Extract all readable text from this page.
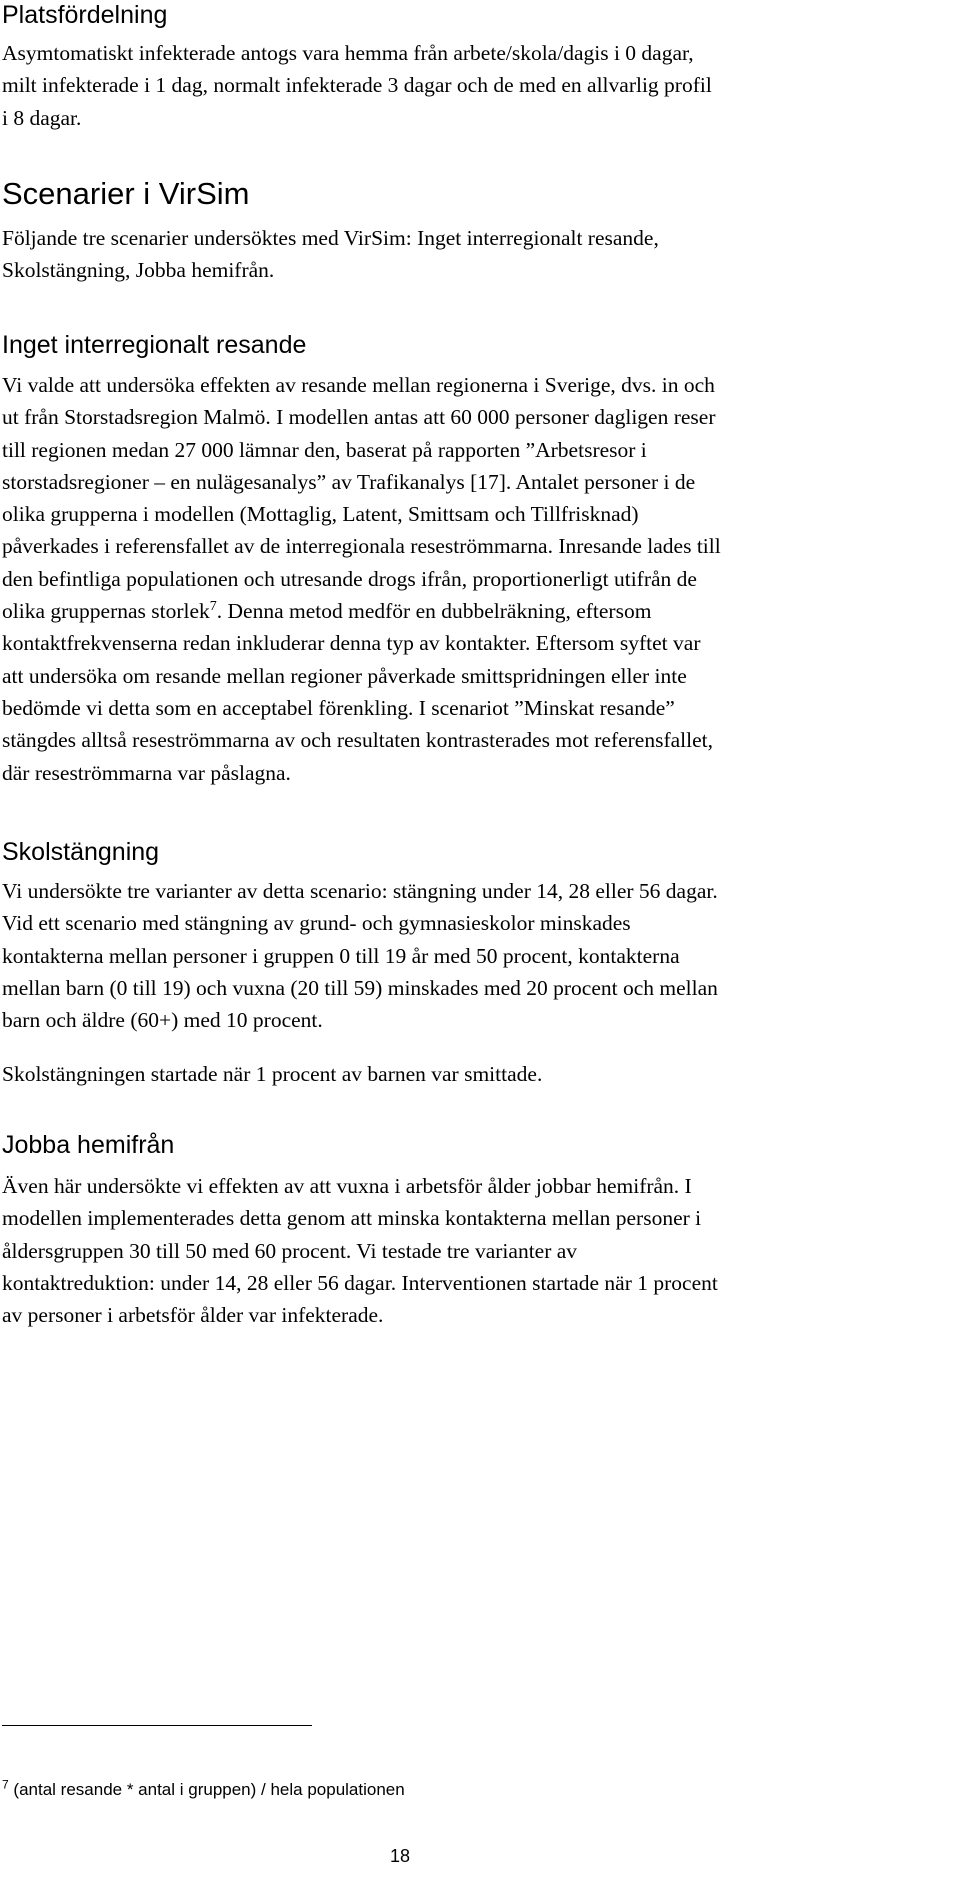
Platsfördelning

Asymtomatiskt infekterade antogs vara hemma från arbete/skola/dagis i 0 dagar,
milt infekterade i 1 dag, normalt infekterade 3 dagar och de med en allvarlig profil
i 8 dagar.

Scenarier i VirSim

Följande tre scenarier undersöktes med VirSim: Inget interregionalt resande,
Skolstängning, Jobba hemifrån.

Inget interregionalt resande

Vi valde att undersöka effekten av resande mellan regionerna i Sverige, dvs. in och
ut från Storstadsregion Malmö. I modellen antas att 60 000 personer dagligen reser
till regionen medan 27 000 lämnar den, baserat på rapporten ”Arbetsresor i
storstadsregioner – en nulägesanalys” av Trafikanalys [17]. Antalet personer i de
olika grupperna i modellen (Mottaglig, Latent, Smittsam och Tillfrisknad)
påverkades i referensfallet av de interregionala reseströmmarna. Inresande lades till
den befintliga populationen och utresande drogs ifrån, proportionerligt utifrån de
olika gruppernas storlek$^7$. Denna metod medför en dubbelräkning, eftersom
kontaktfrekvenserna redan inkluderar denna typ av kontakter. Eftersom syftet var
att undersöka om resande mellan regioner påverkade smittspridningen eller inte
bedömde vi detta som en acceptabel förenkling. I scenariot ”Minskat resande”
stängdes alltså reseströmmarna av och resultaten kontrasterades mot referensfallet,
där reseströmmarna var påslagna.

Skolstängning

Vi undersökte tre varianter av detta scenario: stängning under 14, 28 eller 56 dagar.
Vid ett scenario med stängning av grund- och gymnasieskolor minskades
kontakterna mellan personer i gruppen 0 till 19 år med 50 procent, kontakterna
mellan barn (0 till 19) och vuxna (20 till 59) minskades med 20 procent och mellan
barn och äldre (60+) med 10 procent.

Skolstängningen startade när 1 procent av barnen var smittade.

Jobba hemifrån

Även här undersökte vi effekten av att vuxna i arbetsför ålder jobbar hemifrån. I
modellen implementerades detta genom att minska kontakterna mellan personer i
åldersgruppen 30 till 50 med 60 procent. Vi testade tre varianter av
kontaktreduktion: under 14, 28 eller 56 dagar. Interventionen startade när 1 procent
av personer i arbetsför ålder var infekterade.

$^7$ (antal resande * antal i gruppen) / hela populationen
18
